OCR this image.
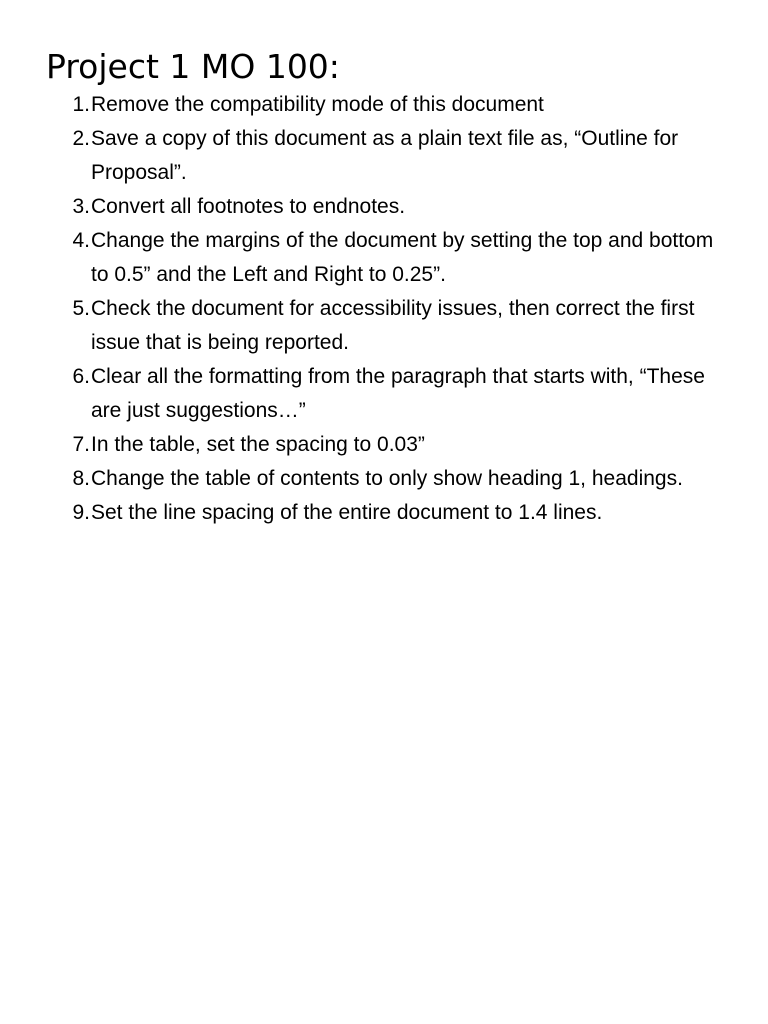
Project 1 MO 100:
1. Remove the compatibility mode of this document
2. Save a copy of this document as a plain text file as, “Outline for Proposal”.
3. Convert all footnotes to endnotes.
4. Change the margins of the document by setting the top and bottom to 0.5” and the Left and Right to 0.25”.
5. Check the document for accessibility issues, then correct the first issue that is being reported.
6. Clear all the formatting from the paragraph that starts with, “These are just suggestions…”
7. In the table, set the spacing to 0.03”
8. Change the table of contents to only show heading 1, headings.
9. Set the line spacing of the entire document to 1.4 lines.
